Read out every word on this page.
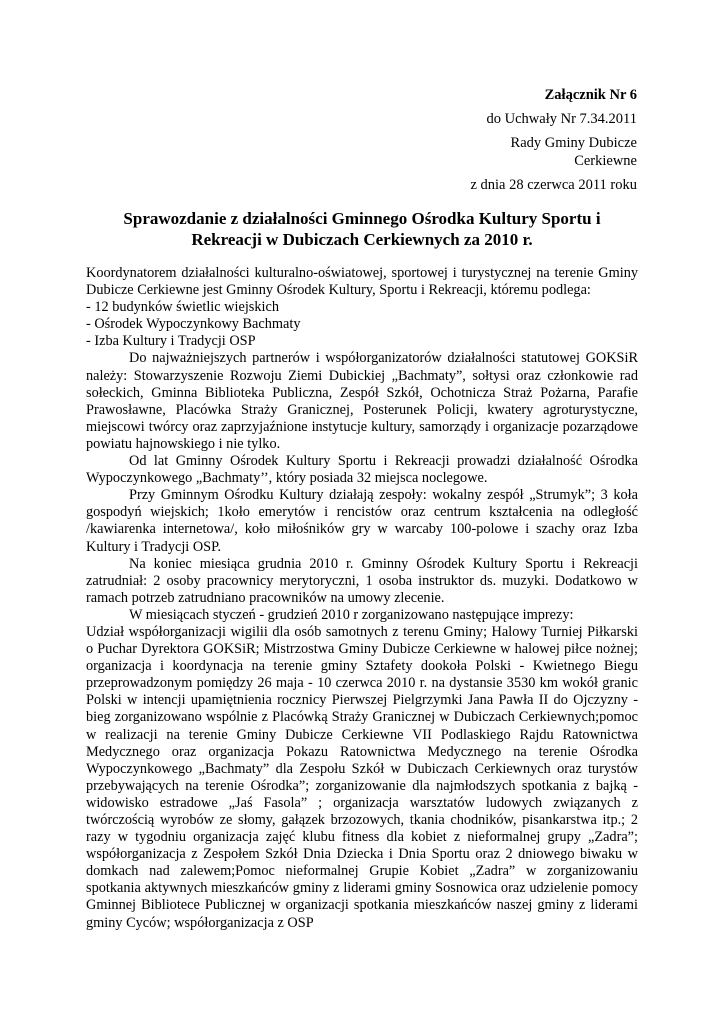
Załącznik Nr 6
do Uchwały Nr 7.34.2011
Rady Gminy Dubicze
Cerkiewne
z dnia 28 czerwca 2011 roku
Sprawozdanie z działalności Gminnego Ośrodka Kultury Sportu i
Rekreacji w Dubiczach Cerkiewnych za 2010 r.

Koordynatorem działalności kulturalno-oświatowej, sportowej i turystycznej na terenie Gminy Dubicze Cerkiewne jest Gminny Ośrodek Kultury, Sportu i Rekreacji, któremu podlega:

- 12 budynków świetlic wiejskich

- Ośrodek Wypoczynkowy Bachmaty

- Izba Kultury i Tradycji OSP

Do najważniejszych partnerów i współorganizatorów działalności statutowej GOKSiR należy: Stowarzyszenie Rozwoju Ziemi Dubickiej „Bachmaty”, sołtysi oraz członkowie rad sołeckich, Gminna Biblioteka Publiczna, Zespół Szkół, Ochotnicza Straż Pożarna, Parafie Prawosławne, Placówka Straży Granicznej, Posterunek Policji, kwatery agroturystyczne, miejscowi twórcy oraz zaprzyjaźnione instytucje kultury, samorządy i organizacje pozarządowe powiatu hajnowskiego i nie tylko.

Od lat Gminny Ośrodek Kultury Sportu i Rekreacji prowadzi działalność Ośrodka Wypoczynkowego „Bachmaty’’, który posiada 32 miejsca noclegowe.

Przy Gminnym Ośrodku Kultury działają zespoły: wokalny zespół „Strumyk”; 3 koła gospodyń wiejskich; 1koło emerytów i rencistów oraz centrum kształcenia na odległość /kawiarenka internetowa/, koło miłośników gry w warcaby 100-polowe i szachy oraz Izba Kultury i Tradycji OSP.

Na koniec miesiąca grudnia 2010 r. Gminny Ośrodek Kultury Sportu i Rekreacji zatrudniał: 2 osoby pracownicy merytoryczni, 1 osoba instruktor ds. muzyki. Dodatkowo w ramach potrzeb zatrudniano pracowników na umowy zlecenie.

W miesiącach styczeń - grudzień 2010 r zorganizowano następujące imprezy:

Udział współorganizacji wigilii dla osób samotnych z terenu Gminy; Halowy Turniej Piłkarski o Puchar Dyrektora GOKSiR; Mistrzostwa Gminy Dubicze Cerkiewne w halowej piłce nożnej; organizacja i koordynacja na terenie gminy Sztafety dookoła Polski - Kwietnego Biegu przeprowadzonym pomiędzy 26 maja - 10 czerwca 2010 r. na dystansie 3530 km wokół granic Polski w intencji upamiętnienia rocznicy Pierwszej Pielgrzymki Jana Pawła II do Ojczyzny - bieg zorganizowano wspólnie z Placówką Straży Granicznej w Dubiczach Cerkiewnych;pomoc w realizacji na terenie Gminy Dubicze Cerkiewne VII Podlaskiego Rajdu Ratownictwa Medycznego oraz organizacja Pokazu Ratownictwa Medycznego na terenie Ośrodka Wypoczynkowego „Bachmaty” dla Zespołu Szkół w Dubiczach Cerkiewnych oraz turystów przebywających na terenie Ośrodka”; zorganizowanie dla najmłodszych spotkania z bajką - widowisko estradowe „Jaś Fasola” ; organizacja warsztatów ludowych związanych z twórczością wyrobów ze słomy, gałązek brzozowych, tkania chodników, pisankarstwa itp.; 2 razy w tygodniu organizacja zajęć klubu fitness dla kobiet z nieformalnej grupy „Zadra”; współorganizacja z Zespołem Szkół Dnia Dziecka i Dnia Sportu oraz 2 dniowego biwaku w domkach nad zalewem;Pomoc nieformalnej Grupie Kobiet „Zadra” w zorganizowaniu spotkania aktywnych mieszkańców gminy z liderami gminy Sosnowica oraz udzielenie pomocy Gminnej Bibliotece Publicznej w organizacji spotkania mieszkańców naszej gminy z liderami gminy Cyców; współorganizacja z OSP
